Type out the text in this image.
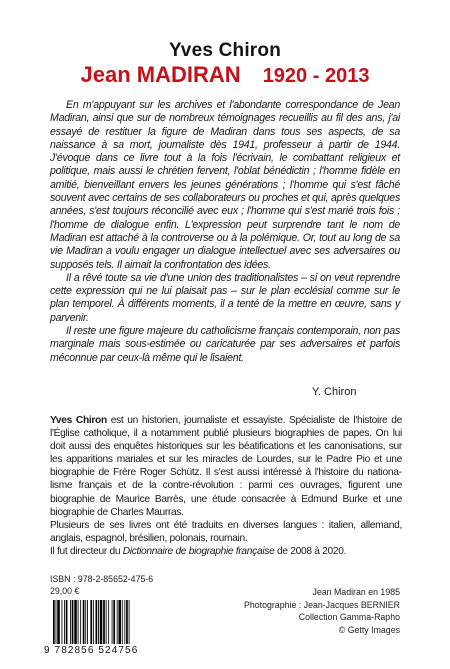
Yves Chiron
Jean MADIRAN 1920 - 2013

En m'appuyant sur les archives et l'abondante correspondance de Jean Madiran, ainsi que sur de nombreux témoignages recueillis au fil des ans, j'ai essayé de restituer la figure de Madiran dans tous ses aspects, de sa naissance à sa mort, journaliste dès 1941, professeur à partir de 1944. J'évoque dans ce livre tout à la fois l'écrivain, le combattant religieux et politique, mais aussi le chrétien fervent, l'oblat bénédictin ; l'homme fidèle en amitié, bienveillant envers les jeunes générations ; l'homme qui s'est fâché souvent avec certains de ses collaborateurs ou proches et qui, après quelques années, s'est toujours réconcilié avec eux ; l'homme qui s'est marié trois fois ; l'homme de dialogue enfin. L'expression peut surprendre tant le nom de Madiran est attaché à la controverse ou à la polémique. Or, tout au long de sa vie Madiran a voulu engager un dialogue intellectuel avec ses adversaires ou supposés tels. Il aimait la confrontation des idées.

Il a rêvé toute sa vie d'une union des traditionalistes – si on veut reprendre cette expression qui ne lui plaisait pas – sur le plan ecclésial comme sur le plan temporel. À différents moments, il a tenté de la mettre en œuvre, sans y parvenir.

Il reste une figure majeure du catholicisme français contemporain, non pas marginale mais sous-estimée ou caricaturée par ses adversaires et parfois méconnue par ceux-là même qui le lisaient.

Y. Chiron

Yves Chiron est un historien, journaliste et essayiste. Spécialiste de l'histoire de l'Église catholique, il a notamment publié plusieurs biographies de papes. On lui doit aussi des enquêtes historiques sur les béatifications et les canonisations, sur les apparitions mariales et sur les miracles de Lourdes, sur le Padre Pio et une biographie de Frère Roger Schütz. Il s'est aussi intéressé à l'histoire du nationalisme français et de la contre-révolution : parmi ces ouvrages, figurent une biographie de Maurice Barrès, une étude consacrée à Edmund Burke et une biographie de Charles Maurras.

Plusieurs de ses livres ont été traduits en diverses langues : italien, allemand, anglais, espagnol, brésilien, polonais, roumain.

Il fut directeur du Dictionnaire de biographie française de 2008 à 2020.

ISBN : 978-2-85652-475-6
29,00 €
9 782856 524756
Jean Madiran en 1985
Photographie : Jean-Jacques BERNIER
Collection Gamma-Rapho
© Getty Images
